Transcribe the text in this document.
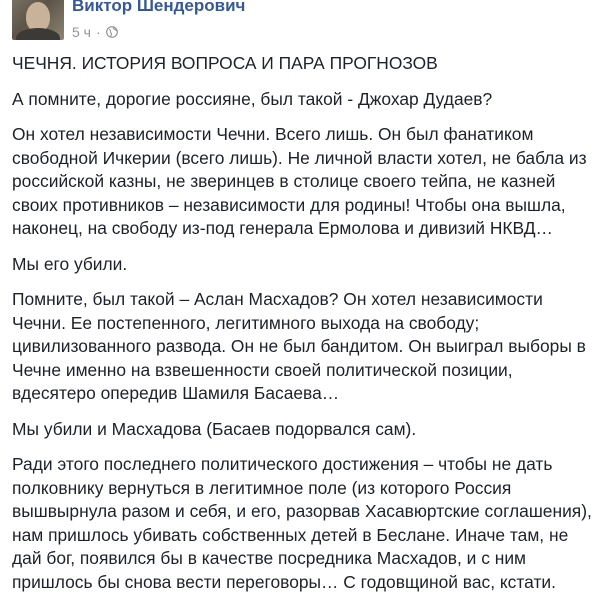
Виктор Шендерович
5 ч ·

ЧЕЧНЯ. ИСТОРИЯ ВОПРОСА И ПАРА ПРОГНОЗОВ

А помните, дорогие россияне, был такой - Джохар Дудаев?

Он хотел независимости Чечни. Всего лишь. Он был фанатиком свободной Ичкерии (всего лишь). Не личной власти хотел, не бабла из российской казны, не зверинцев в столице своего тейпа, не казней своих противников – независимости для родины! Чтобы она вышла, наконец, на свободу из-под генерала Ермолова и дивизий НКВД…

Мы его убили.

Помните, был такой – Аслан Масхадов? Он хотел независимости Чечни. Ее постепенного, легитимного выхода на свободу; цивилизованного развода. Он не был бандитом. Он выиграл выборы в Чечне именно на взвешенности своей политической позиции, вдесятеро опередив Шамиля Басаева…

Мы убили и Масхадова (Басаев подорвался сам).

Ради этого последнего политического достижения – чтобы не дать полковнику вернуться в легитимное поле (из которого Россия вышвырнула разом и себя, и его, разорвав Хасавюртские соглашения), нам пришлось убивать собственных детей в Беслане. Иначе там, не дай бог, появился бы в качестве посредника Масхадов, и с ним пришлось бы снова вести переговоры… С годовщиной вас, кстати.
